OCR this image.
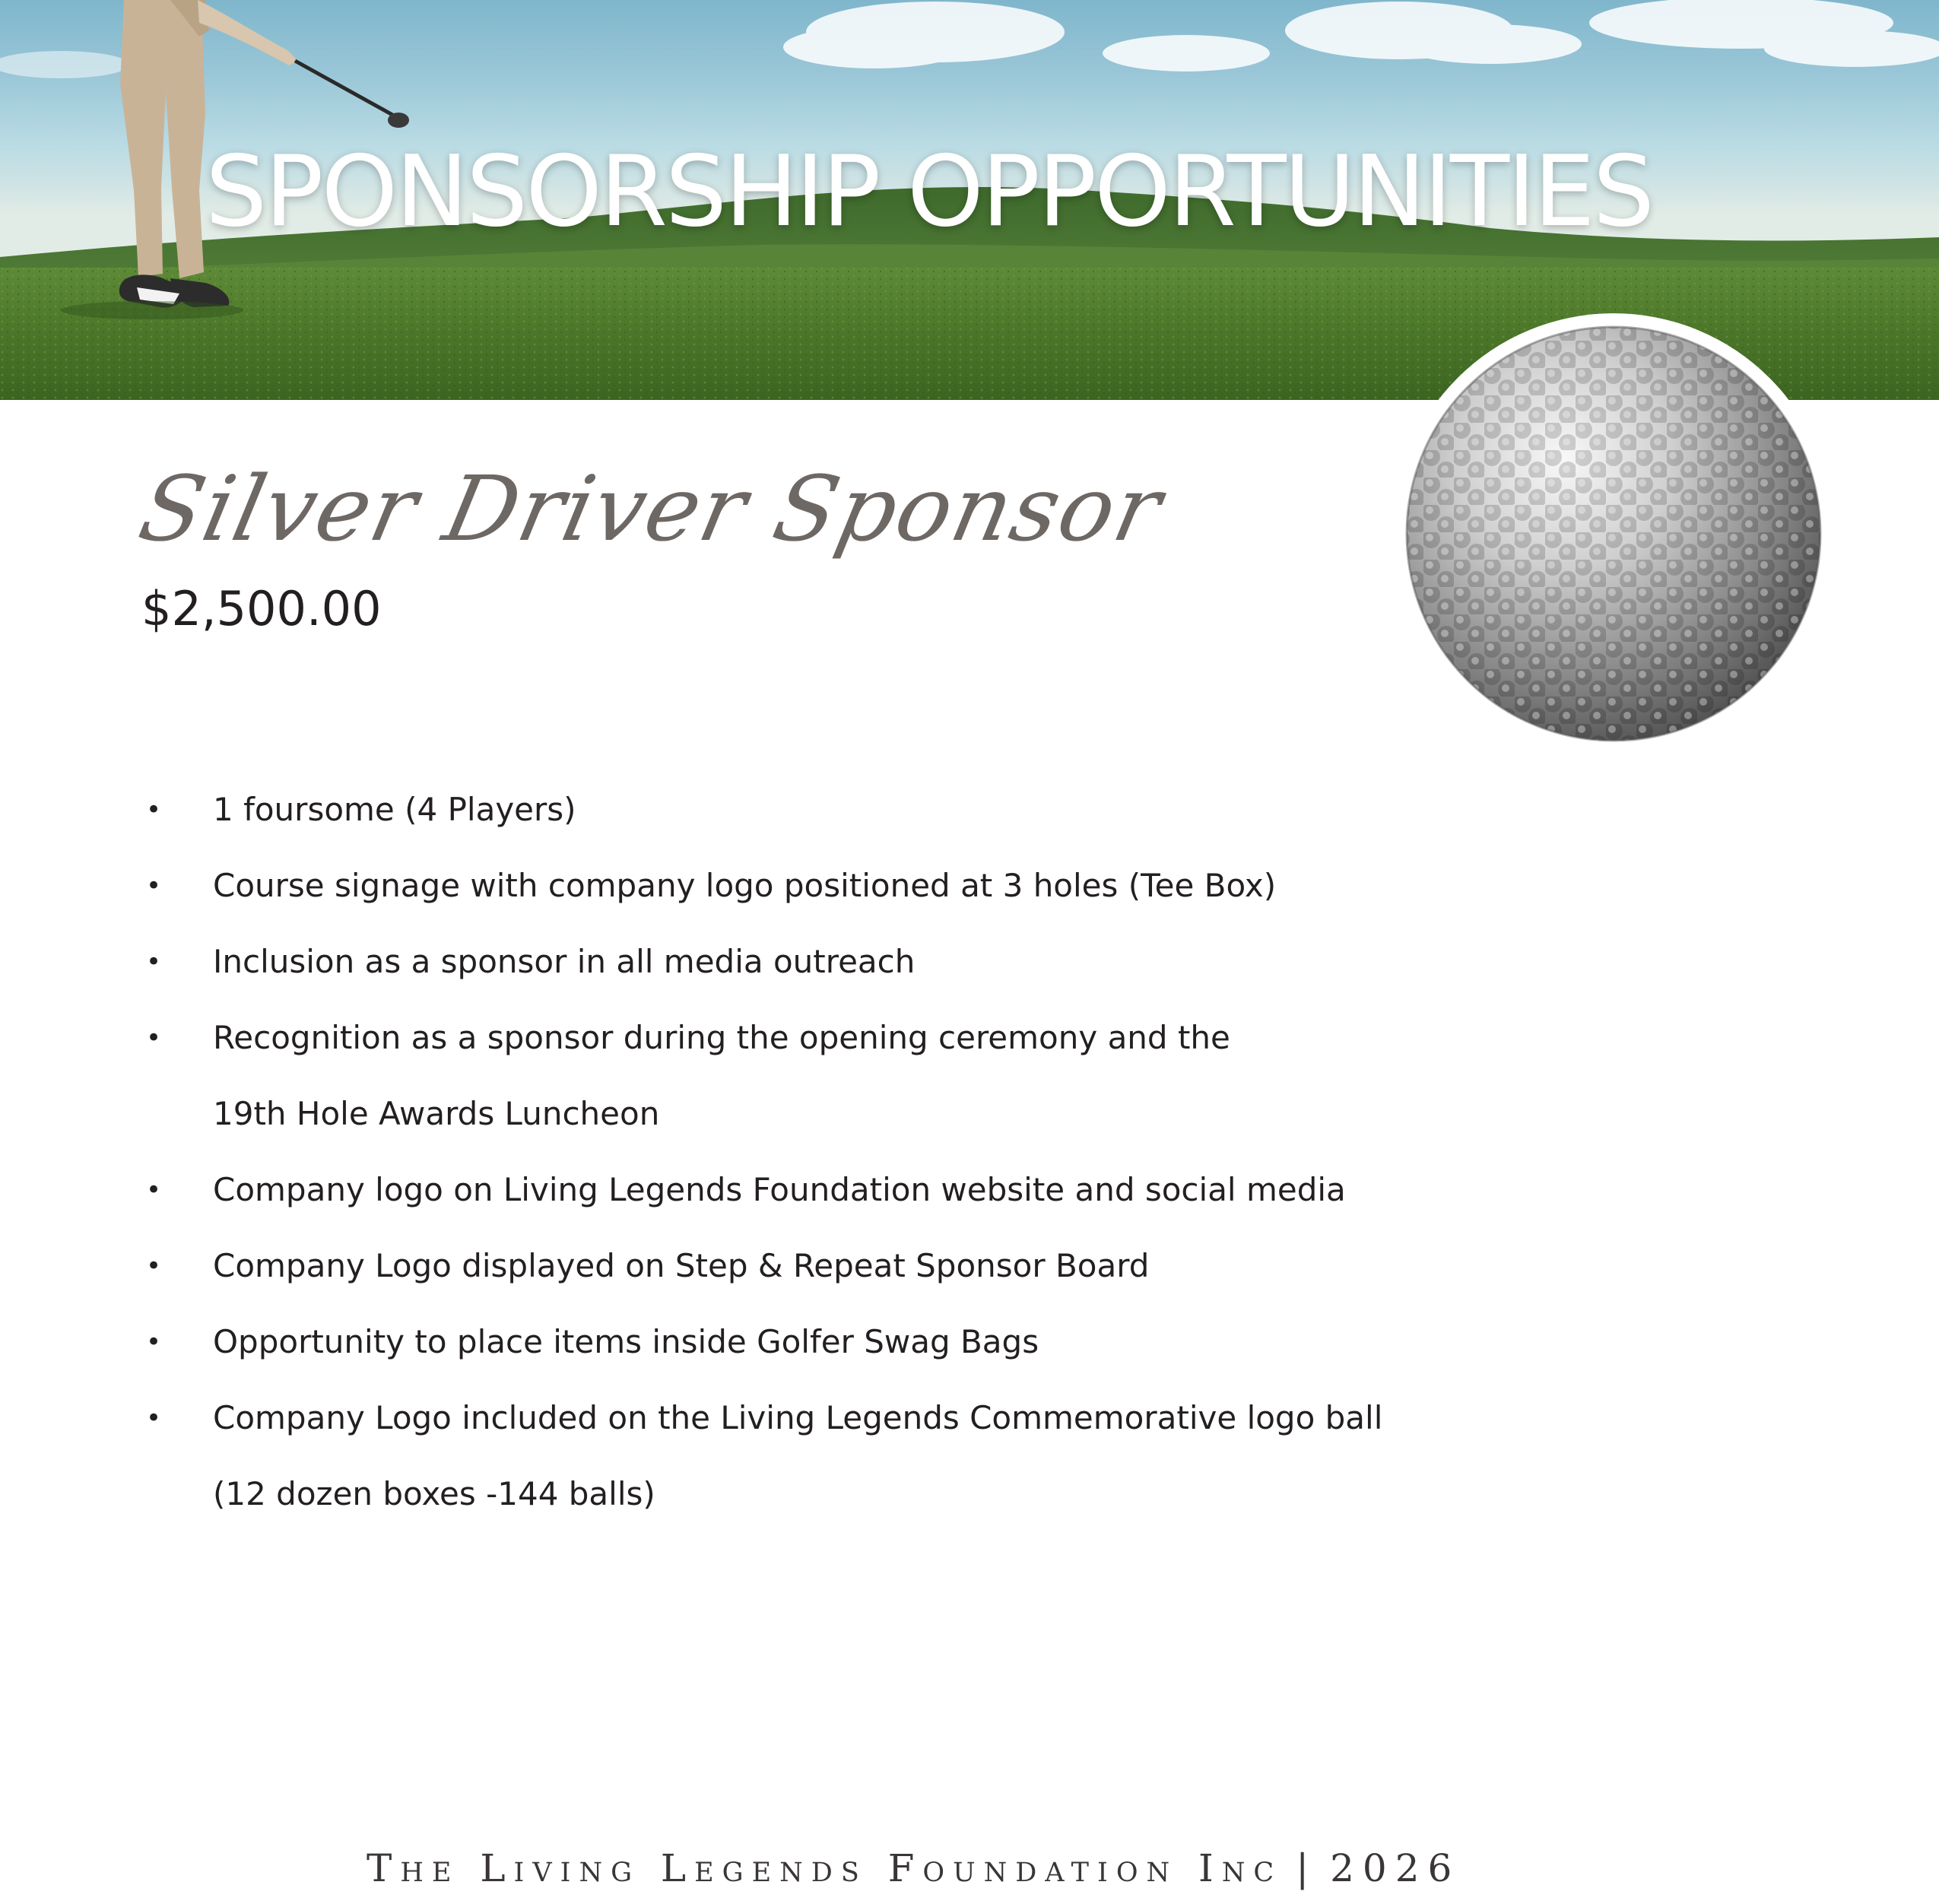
SPONSORSHIP OPPORTUNITIES
Silver Driver Sponsor

$2,500.00

• 1 foursome (4 Players)
• Course signage with company logo positioned at 3 holes (Tee Box)
• Inclusion as a sponsor in all media outreach
• Recognition as a sponsor during the opening ceremony and the
19th Hole Awards Luncheon
• Company logo on Living Legends Foundation website and social media
• Company Logo displayed on Step & Repeat Sponsor Board
• Opportunity to place items inside Golfer Swag Bags
• Company Logo included on the Living Legends Commemorative logo ball
(12 dozen boxes -144 balls)

The Living Legends Foundation Inc | 2026
